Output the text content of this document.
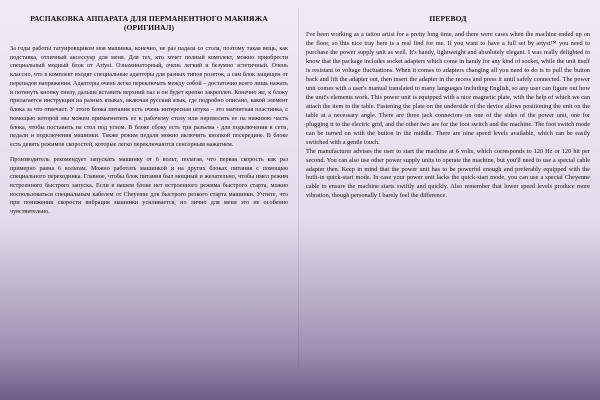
РАСПАКОВКА АППАРАТА ДЛЯ ПЕРМАНЕНТНОГО МАКИЯЖА (ОРИГИНАЛ)

За годы работы татуировщиком моя машинка, конечно, не раз падала со стола, поэтому такая вещь, как подставка, отличный аксессуар для меня. Для тех, кто хочет полный комплект, можно приобрести специальный модный блок от Artyst. Ознаминаторный, очень легкий и безумно эстетичный. Очень классно, что в комплект входят специальные адаптеры для разных типов розеток, а сам блок защищен от перепадов напряжения. Адаптеры очень легко переключать между собой – достаточно всего лишь нажать и потянуть кнопку снизу, дальше вставить верхний паз и он будет крепко закреплен. Конечно же, к блоку прилагается инструкция на разных языках, включая русский язык, где подробно описано, какой элемент блока за что отвечает. У этого блока питания есть очень интересная штука – это магнитная пластинка, с помощью которой мы можем примагнитить ее к рабочему столу или перевесить ее на нижнюю часть блока, чтобы поставить на стол под углом. В блоке сбоку есть три разъема - для подключения к сети, педали и подключения машинки. Также режим педали можно включить кнопкой посередине. В блоке есть девять режимов скоростей, которые легко переключаются сенсорным нажатием.

Производитель рекомендует запускать машинку от 6 вольт, полагая, что первая скорость как раз примерно равна 6 вольтам. Можно работать машинкой и на других блоках питания с помощью специального переходника. Главное, чтобы блок питания был мощный и желательно, чтобы имел режим встроенного быстрого запуска. Если в вашем блоке нет встроенного режима быстрого старта, можно воспользоваться специальным кабелем от Cheyenne для быстрого резкого старта машинки. Учтите, что при понижении скорости вибрация машинки усиливается, но лично для меня это не особенно чувствительно.

ПЕРЕВОД

I've been working as a tattoo artist for a pretty long time, and there were cases when the machine ended up on the floor, so this nice tray here is a real find for me. If you want to have a full set by artyst™ you need to purchase the power supply unit as well. It's handy, lightweight and absolutely elegant. I was really delighted to know that the package includes socket adapters which come in handy for any kind of socket, while the unit itself is resistant to voltage fluctuations. When it comes to adapters changing all you need to do is to pull the button back and lift the adapter out, then insert the adapter in the recess and press it until safely connected. The power unit comes with a user's manual translated to many languages including English, so any user can figure out how the unit's elements work. This power unit is equipped with a nice magnetic plate, with the help of which we can attach the item to the table. Fastening the plate on the underside of the device allows positioning the unit on the table at a necessary angle. There are three jack connectors on one of the sides of the power unit, one for plugging it to the electric grid, and the other two are for the foot switch and the machine. The foot switch mode can be turned on with the button in the middle. There are nine speed levels available, which can be easily switched with a gentle touch.

The manufacturer advises the user to start the machine at 6 volts, which corresponds to 120 Hz or 120 hit per second. You can also use other power supply units to operate the machine, but you'll need to use a special cable adapter then. Keep in mind that the power unit has to be powerful enough and preferably equipped with the built-in quick-start mode. In case your power unit lacks the quick-start mode, you can use a special Cheyenne cable to ensure the machine starts swiftly and quickly. Also remember that lower speed levels produce more vibration, though personally I barely feel the difference.
